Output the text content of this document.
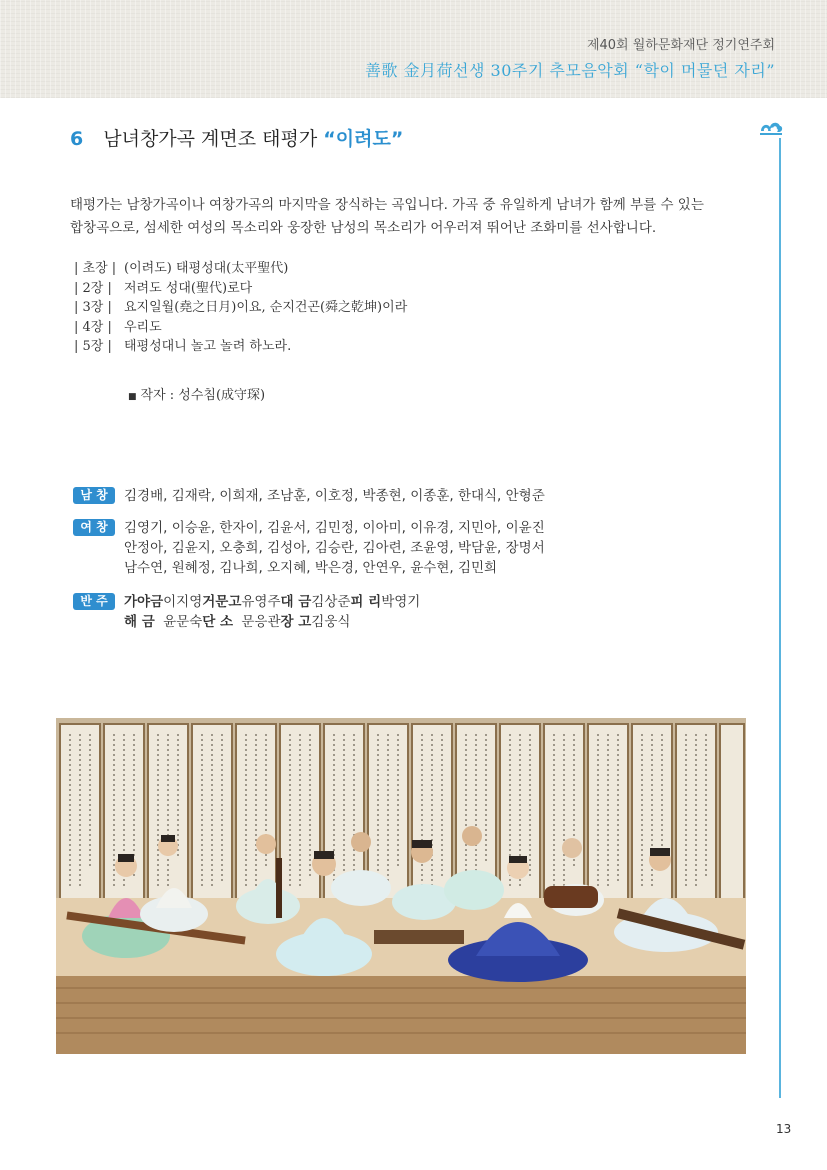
제40회 월하문화재단 정기연주회
善歌 金月荷선생 30주기 추모음악회 “학이 머물던 자리”
6 남녀창가곡 계면조 태평가 “이려도”
태평가는 남창가곡이나 여창가곡의 마지막을 장식하는 곡입니다. 가곡 중 유일하게 남녀가 함께 부를 수 있는
합창곡으로, 섬세한 여성의 목소리와 웅장한 남성의 목소리가 어우러져 뛰어난 조화미를 선사합니다.
| 초장 | (이려도) 태평성대(太平聖代)
| 2장 | 저려도 성대(聖代)로다
| 3장 | 요지일월(堯之日月)이요, 순지건곤(舜之乾坤)이라
| 4장 | 우리도
| 5장 | 태평성대니 놀고 놀려 하노라.
■ 작자 : 성수침(成守琛)
남 창	김경배, 김재락, 이희재, 조남훈, 이호정, 박종현, 이종훈, 한대식, 안형준
여 창	김영기, 이승윤, 한자이, 김윤서, 김민정, 이아미, 이유경, 지민아, 이윤진
안정아, 김윤지, 오충희, 김성아, 김승란, 김아련, 조윤영, 박담윤, 장명서
남수연, 원혜정, 김나희, 오지혜, 박은경, 안연우, 윤수현, 김민희
반 주	가야금	이지영	거문고	유영주	대 금	김상준	피 리	박영기
해 금	윤문숙	단 소	문응관	장 고	김웅식		
13
